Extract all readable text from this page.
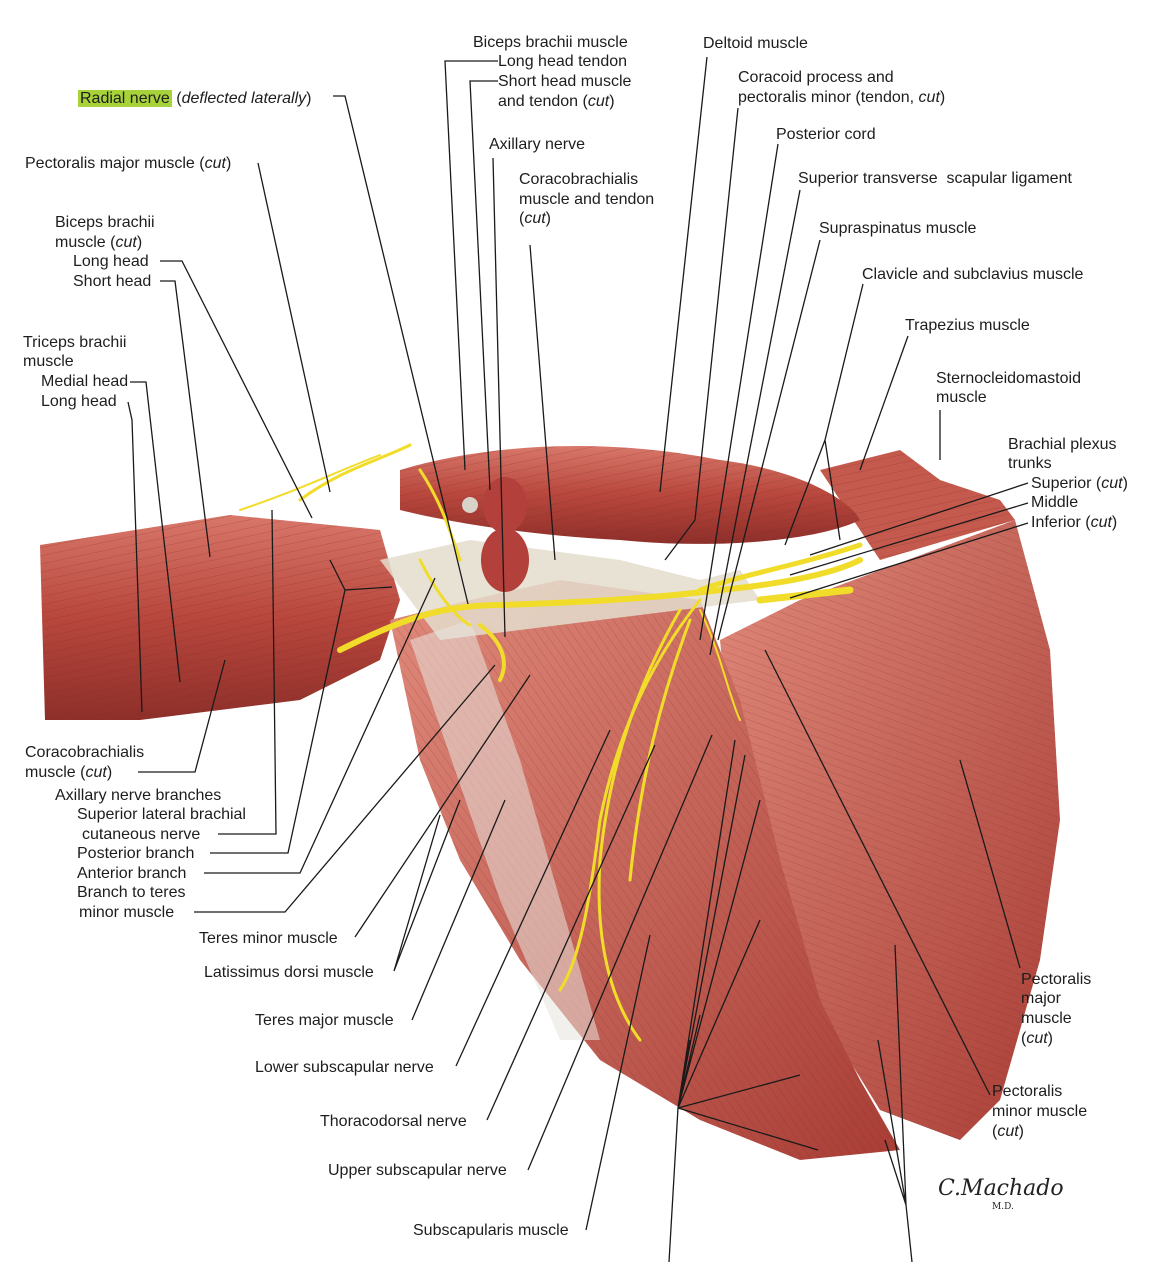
Biceps brachii muscle
Long head tendon
Short head muscle
and tendon (cut)
Deltoid muscle
Coracoid process and
pectoralis minor (tendon, cut)
Radial nerve (deflected laterally)
Axillary nerve
Posterior cord
Pectoralis major muscle (cut)
Coracobrachialis
muscle and tendon
(cut)
Superior transverse  scapular ligament
Biceps brachii
muscle (cut)
Long head
Short head
Supraspinatus muscle
Clavicle and subclavius muscle
Trapezius muscle
Triceps brachii
muscle
Medial head
Long head
Sternocleidomastoid
muscle
Brachial plexus
trunks
Superior (cut)
Middle
Inferior (cut)
Coracobrachialis
muscle (cut)
Axillary nerve branches
Superior lateral brachial
cutaneous nerve
Posterior branch
Anterior branch
Branch to teres
minor muscle
Teres minor muscle
Latissimus dorsi muscle
Teres major muscle
Lower subscapular nerve
Thoracodorsal nerve
Upper subscapular nerve
Subscapularis muscle
Pectoralis
major
muscle
(cut)
Pectoralis
minor muscle
(cut)
C.Machado
M.D.
